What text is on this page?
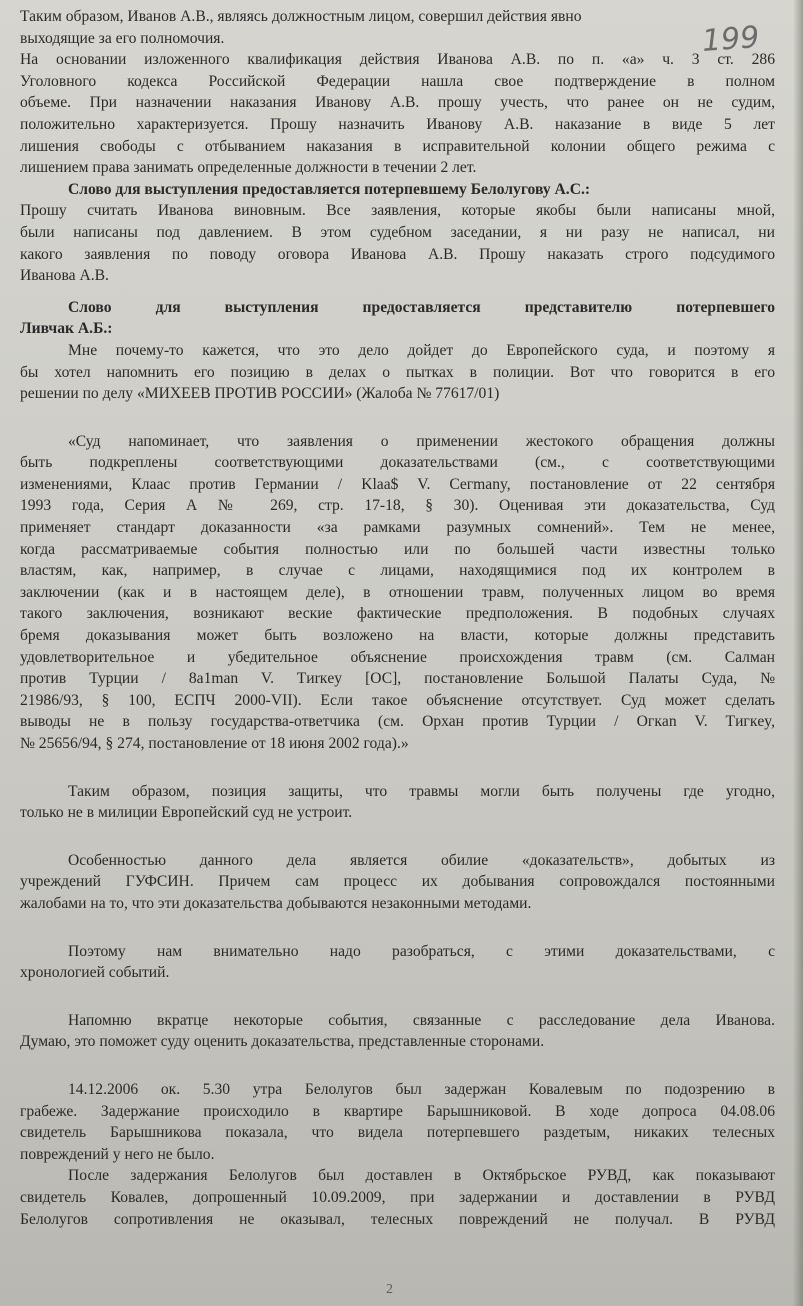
199
Таким образом, Иванов А.В., являясь должностным лицом, совершил действия явно
выходящие за его полномочия.
На основании изложенного квалификация действия Иванова А.В. по п. «а» ч. 3 ст. 286
Уголовного кодекса Российской Федерации нашла свое подтверждение в полном
объеме. При назначении наказания Иванову А.В. прошу учесть, что ранее он не судим,
положительно характеризуется. Прошу назначить Иванову А.В. наказание в виде 5 лет
лишения свободы с отбыванием наказания в исправительной колонии общего режима с
лишением права занимать определенные должности в течении 2 лет.
Слово для выступления предоставляется потерпевшему Белолугову А.С.:
Прошу считать Иванова виновным. Все заявления, которые якобы были написаны мной,
были написаны под давлением. В этом судебном заседании, я ни разу не написал, ни
какого заявления по поводу оговора Иванова А.В. Прошу наказать строго подсудимого
Иванова А.В.
Слово для выступления предоставляется представителю потерпевшего
Ливчак А.Б.:
Мне почему-то кажется, что это дело дойдет до Европейского суда, и поэтому я
бы хотел напомнить его позицию в делах о пытках в полиции. Вот что говорится в его
решении по делу «МИХЕЕВ ПРОТИВ РОССИИ» (Жалоба № 77617/01)
«Суд напоминает, что заявления о применении жестокого обращения должны
быть подкреплены соответствующими доказательствами (см., с соответствующими
изменениями, Клаас против Германии / Klaa$ V. Ceгmany, постановление от 22 сентября
1993 года, Серия А № 269, стр. 17-18, § 30). Оценивая эти доказательства, Суд
применяет стандарт доказанности «за рамками разумных сомнений». Тем не менее,
когда рассматриваемые события полностью или по большей части известны только
властям, как, например, в случае с лицами, находящимися под их контролем в
заключении (как и в настоящем деле), в отношении травм, полученных лицом во время
такого заключения, возникают веские фактические предположения. В подобных случаях
бремя доказывания может быть возложено на власти, которые должны представить
удовлетворительное и убедительное объяснение происхождения травм (см. Салман
против Турции / 8a1man V. Tиrкey [ОС], постановление Большой Палаты Суда, №
21986/93, § 100, ЕСПЧ 2000-VII). Если такое объяснение отсутствует. Суд может сделать
выводы не в пользу государства-ответчика (см. Орхан против Турции / Огкan V. Tигкey,
№ 25656/94, § 274, постановление от 18 июня 2002 года).»
Таким образом, позиция защиты, что травмы могли быть получены где угодно,
только не в милиции Европейский суд не устроит.
Особенностью данного дела является обилие «доказательств», добытых из
учреждений ГУФСИН. Причем сам процесс их добывания сопровождался постоянными
жалобами на то, что эти доказательства добываются незаконными методами.
Поэтому нам внимательно надо разобраться, с этими доказательствами, с
хронологией событий.
Напомню вкратце некоторые события, связанные с расследование дела Иванова.
Думаю, это поможет суду оценить доказательства, представленные сторонами.
14.12.2006 ок. 5.30 утра Белолугов был задержан Ковалевым по подозрению в
грабеже. Задержание происходило в квартире Барышниковой. В ходе допроса 04.08.06
свидетель Барышникова показала, что видела потерпевшего раздетым, никаких телесных
повреждений у него не было.
После задержания Белолугов был доставлен в Октябрьское РУВД, как показывают
свидетель Ковалев, допрошенный 10.09.2009, при задержании и доставлении в РУВД
Белолугов сопротивления не оказывал, телесных повреждений не получал. В РУВД
2
